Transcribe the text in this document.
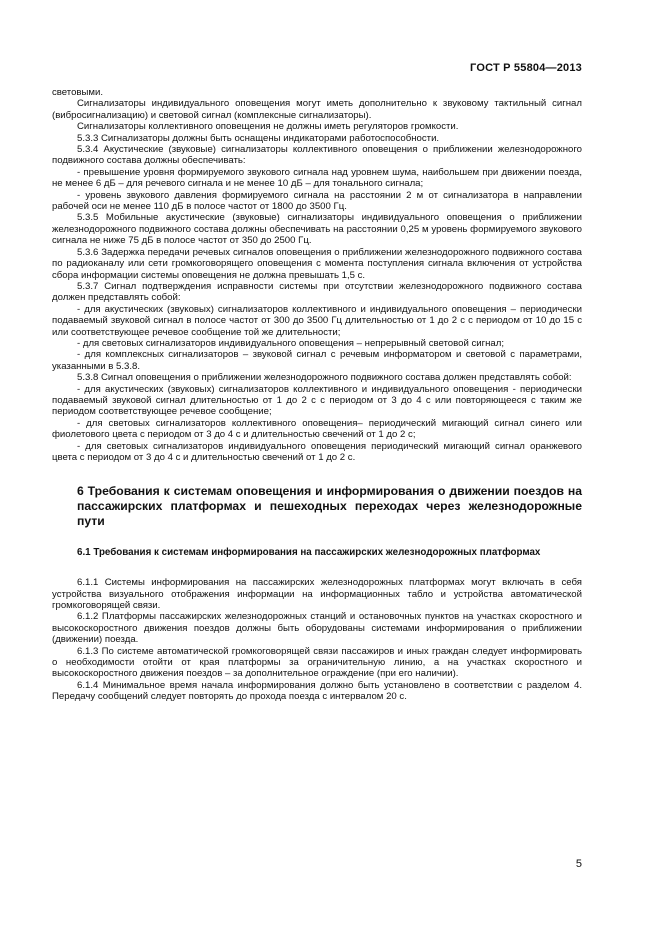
ГОСТ Р 55804—2013

световыми.

Сигнализаторы индивидуального оповещения могут иметь дополнительно к звуковому тактильный сигнал (вибросигнализацию) и световой сигнал (комплексные сигнализаторы).

Сигнализаторы коллективного оповещения не должны иметь регуляторов громкости.

5.3.3 Сигнализаторы должны быть оснащены индикаторами работоспособности.

5.3.4 Акустические (звуковые) сигнализаторы коллективного оповещения о приближении железнодорожного подвижного состава должны обеспечивать:

- превышение уровня формируемого звукового сигнала над уровнем шума, наибольшем при движении поезда, не менее 6 дБ – для речевого сигнала и не менее 10 дБ – для тонального сигнала;

- уровень звукового давления формируемого сигнала на расстоянии 2 м от сигнализатора в направлении рабочей оси не менее 110 дБ в полосе частот от 1800 до 3500 Гц.

5.3.5 Мобильные акустические (звуковые) сигнализаторы индивидуального оповещения о приближении железнодорожного подвижного состава должны обеспечивать на расстоянии 0,25 м уровень формируемого звукового сигнала не ниже 75 дБ в полосе частот от 350 до 2500 Гц.

5.3.6 Задержка передачи речевых сигналов оповещения о приближении железнодорожного подвижного состава по радиоканалу или сети громкоговорящего оповещения с момента поступления сигнала включения от устройства сбора информации системы оповещения не должна превышать 1,5 с.

5.3.7 Сигнал подтверждения исправности системы при отсутствии железнодорожного подвижного состава должен представлять собой:

- для акустических (звуковых) сигнализаторов коллективного и индивидуального оповещения – периодически подаваемый звуковой сигнал в полосе частот от 300 до 3500 Гц длительностью от 1 до 2 с с периодом от 10 до 15 с или соответствующее речевое сообщение той же длительности;

- для световых сигнализаторов индивидуального оповещения – непрерывный световой сигнал;

- для комплексных сигнализаторов – звуковой сигнал с речевым информатором и световой с параметрами, указанными в 5.3.8.

5.3.8 Сигнал оповещения о приближении железнодорожного подвижного состава должен представлять собой:

- для акустических (звуковых) сигнализаторов коллективного и индивидуального оповещения - периодически подаваемый звуковой сигнал длительностью от 1 до 2 с с периодом от 3 до 4 с или повторяющееся с таким же периодом соответствующее речевое сообщение;

- для световых сигнализаторов коллективного оповещения– периодический мигающий сигнал синего или фиолетового цвета с периодом от 3 до 4 с и длительностью свечений от 1 до 2 с;

- для световых сигнализаторов индивидуального оповещения периодический мигающий сигнал оранжевого цвета с периодом от 3 до 4 с и длительностью свечений от 1 до 2 с.

6 Требования к системам оповещения и информирования о движении поездов на пассажирских платформах и пешеходных переходах через железнодорожные пути

6.1 Требования к системам информирования на пассажирских железнодорожных платформах

6.1.1 Системы информирования на пассажирских железнодорожных платформах могут включать в себя устройства визуального отображения информации на информационных табло и устройства автоматической громкоговорящей связи.

6.1.2 Платформы пассажирских железнодорожных станций и остановочных пунктов на участках скоростного и высокоскоростного движения поездов должны быть оборудованы системами информирования о приближении (движении) поезда.

6.1.3 По системе автоматической громкоговорящей связи пассажиров и иных граждан следует информировать о необходимости отойти от края платформы за ограничительную линию, а на участках скоростного и высокоскоростного движения поездов – за дополнительное ограждение (при его наличии).

6.1.4 Минимальное время начала информирования должно быть установлено в соответствии с разделом 4. Передачу сообщений следует повторять до прохода поезда с интервалом 20 с.

5
